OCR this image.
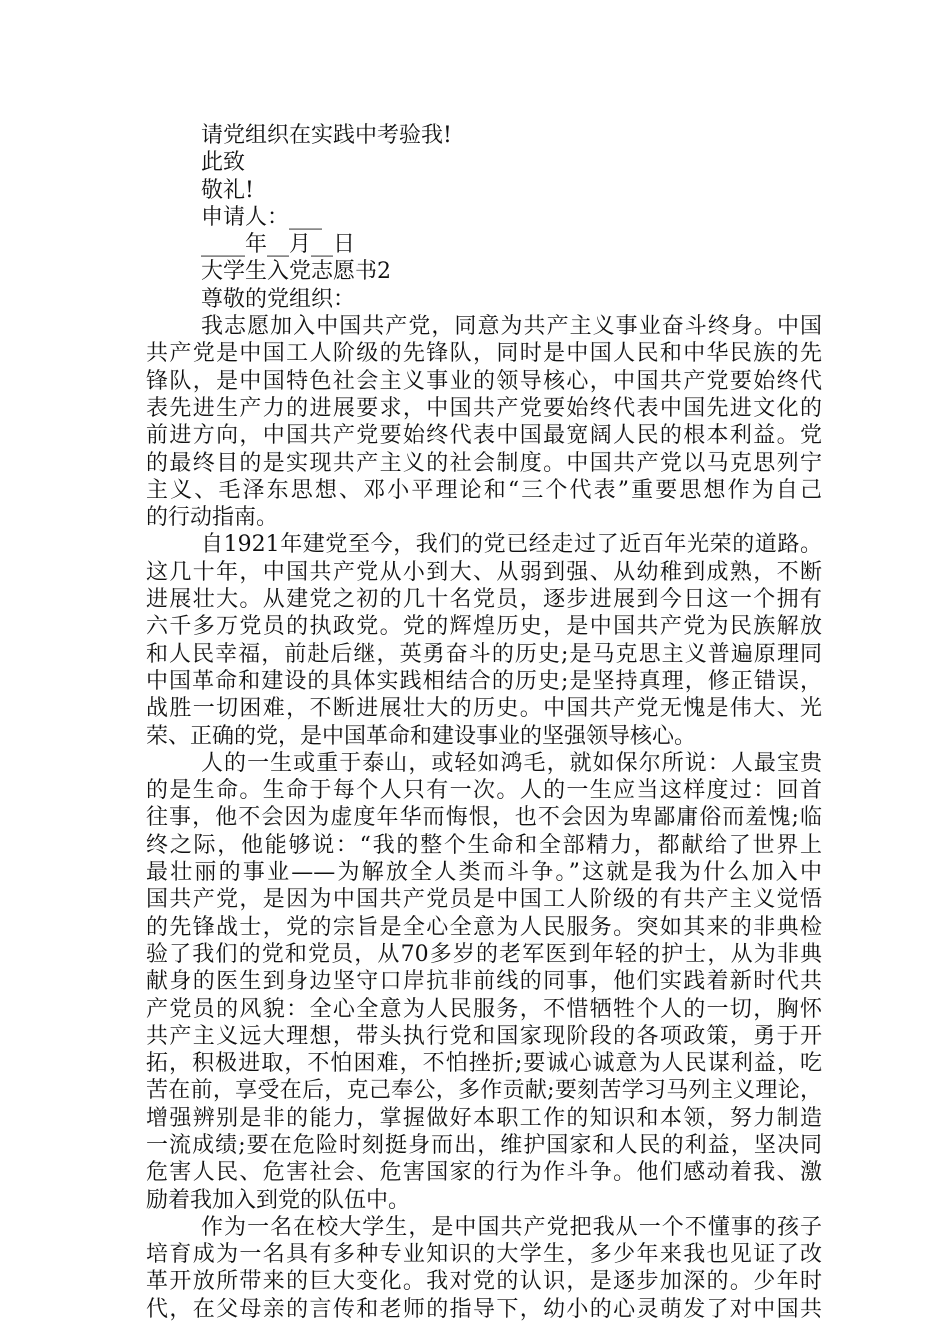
请党组织在实践中考验我!
此致
敬礼!
申请人：___
____年__月__日
大学生入党志愿书2
尊敬的党组织：
我志愿加入中国共产党，同意为共产主义事业奋斗终身。中国
共产党是中国工人阶级的先锋队，同时是中国人民和中华民族的先
锋队，是中国特色社会主义事业的领导核心，中国共产党要始终代
表先进生产力的进展要求，中国共产党要始终代表中国先进文化的
前进方向，中国共产党要始终代表中国最宽阔人民的根本利益。党
的最终目的是实现共产主义的社会制度。中国共产党以马克思列宁
主义、毛泽东思想、邓小平理论和“三个代表”重要思想作为自己
的行动指南。
自1921年建党至今，我们的党已经走过了近百年光荣的道路。
这几十年，中国共产党从小到大、从弱到强、从幼稚到成熟，不断
进展壮大。从建党之初的几十名党员，逐步进展到今日这一个拥有
六千多万党员的执政党。党的辉煌历史，是中国共产党为民族解放
和人民幸福，前赴后继，英勇奋斗的历史;是马克思主义普遍原理同
中国革命和建设的具体实践相结合的历史;是坚持真理，修正错误，
战胜一切困难，不断进展壮大的历史。中国共产党无愧是伟大、光
荣、正确的党，是中国革命和建设事业的坚强领导核心。
人的一生或重于泰山，或轻如鸿毛，就如保尔所说：人最宝贵
的是生命。生命于每个人只有一次。人的一生应当这样度过：回首
往事，他不会因为虚度年华而悔恨，也不会因为卑鄙庸俗而羞愧;临
终之际，他能够说：“我的整个生命和全部精力，都献给了世界上
最壮丽的事业——为解放全人类而斗争。”这就是我为什么加入中
国共产党，是因为中国共产党员是中国工人阶级的有共产主义觉悟
的先锋战士，党的宗旨是全心全意为人民服务。突如其来的非典检
验了我们的党和党员，从70多岁的老军医到年轻的护士，从为非典
献身的医生到身边坚守口岸抗非前线的同事，他们实践着新时代共
产党员的风貌：全心全意为人民服务，不惜牺牲个人的一切，胸怀
共产主义远大理想，带头执行党和国家现阶段的各项政策，勇于开
拓，积极进取，不怕困难，不怕挫折;要诚心诚意为人民谋利益，吃
苦在前，享受在后，克己奉公，多作贡献;要刻苦学习马列主义理论，
增强辨别是非的能力，掌握做好本职工作的知识和本领，努力制造
一流成绩;要在危险时刻挺身而出，维护国家和人民的利益，坚决同
危害人民、危害社会、危害国家的行为作斗争。他们感动着我、激
励着我加入到党的队伍中。
作为一名在校大学生，是中国共产党把我从一个不懂事的孩子
培育成为一名具有多种专业知识的大学生，多少年来我也见证了改
革开放所带来的巨大变化。我对党的认识，是逐步加深的。少年时
代，在父母亲的言传和老师的指导下，幼小的心灵萌发了对中国共
